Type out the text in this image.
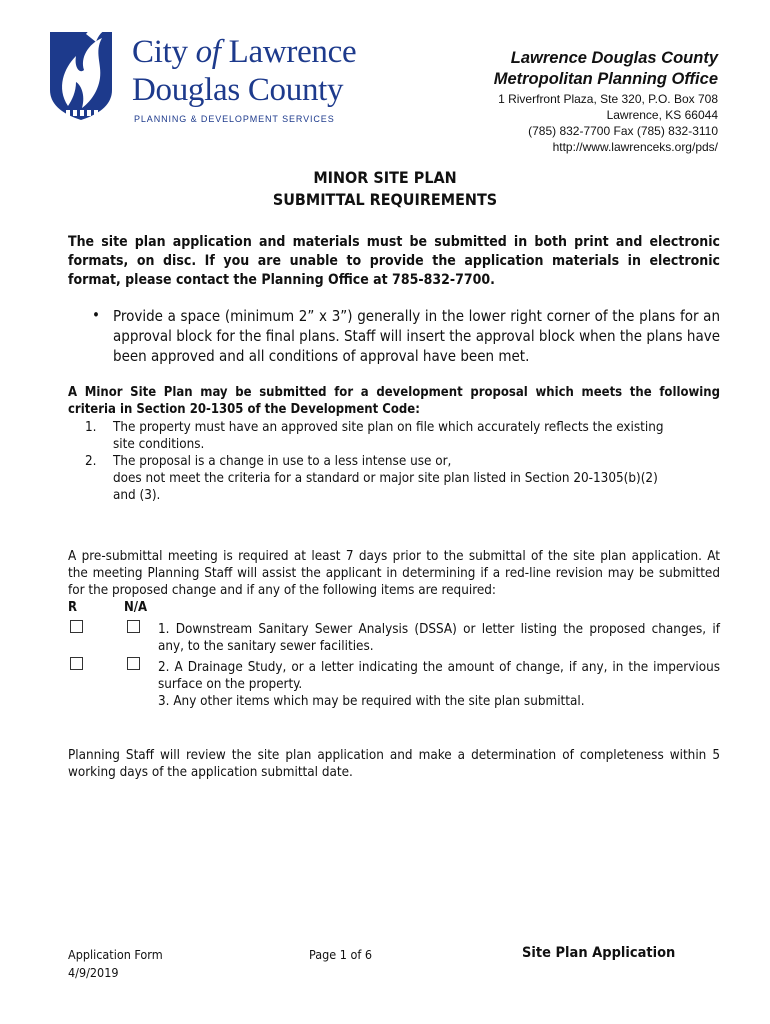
City of Lawrence
Douglas County
PLANNING & DEVELOPMENT SERVICES
Lawrence Douglas County
Metropolitan Planning Office
1 Riverfront Plaza, Ste 320, P.O. Box 708
Lawrence, KS 66044
(785) 832-7700 Fax (785) 832-3110
http://www.lawrenceks.org/pds/
MINOR SITE PLAN
SUBMITTAL REQUIREMENTS
The site plan application and materials must be submitted in both print and electronic
formats, on disc. If you are unable to provide the application materials in electronic
format, please contact the Planning Office at 785-832-7700.
• Provide a space (minimum 2” x 3”) generally in the lower right corner of the plans for an
approval block for the final plans. Staff will insert the approval block when the plans have
been approved and all conditions of approval have been met.
A Minor Site Plan may be submitted for a development proposal which meets the following
criteria in Section 20-1305 of the Development Code:
1. The property must have an approved site plan on file which accurately reflects the existing
site conditions.
2. The proposal is a change in use to a less intense use or,
does not meet the criteria for a standard or major site plan listed in Section 20-1305(b)(2)
and (3).
A pre-submittal meeting is required at least 7 days prior to the submittal of the site plan application. At
the meeting Planning Staff will assist the applicant in determining if a red-line revision may be submitted
for the proposed change and if any of the following items are required:
R	N/A
1. Downstream Sanitary Sewer Analysis (DSSA) or letter listing the proposed changes, if
any, to the sanitary sewer facilities.
2. A Drainage Study, or a letter indicating the amount of change, if any, in the impervious
surface on the property.
3. Any other items which may be required with the site plan submittal.
Planning Staff will review the site plan application and make a determination of completeness within 5
working days of the application submittal date.
Application Form
4/9/2019
Page 1 of 6	Site Plan Application
